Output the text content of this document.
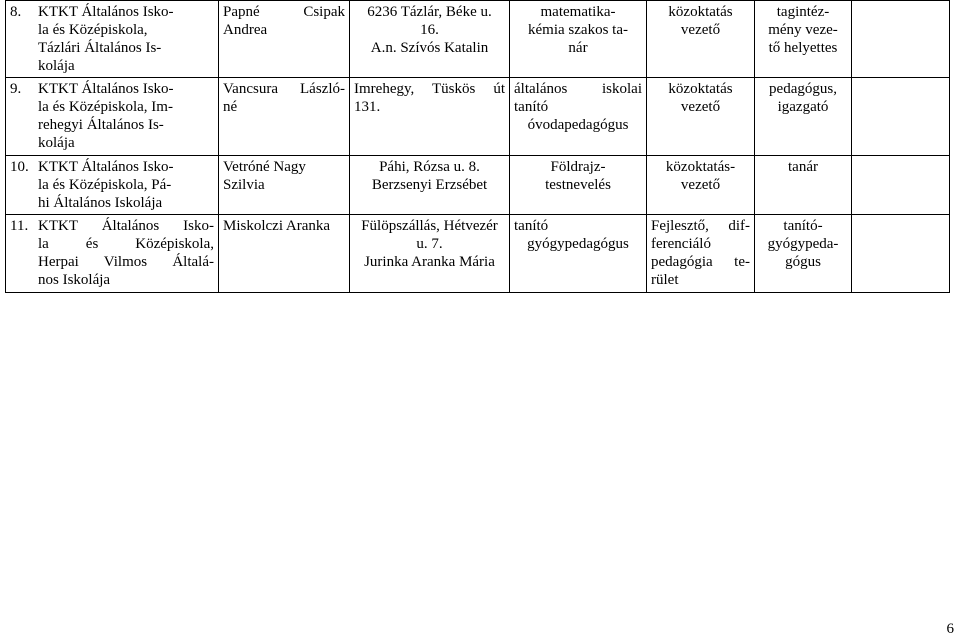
8. KTKT Általános Isko-
la és Középiskola,
Tázlári Általános Is-
kolája	Papné Csipak
Andrea	6236 Tázlár, Béke u.
16.
A.n. Szívós Katalin	matematika-
kémia szakos ta-
nár	közoktatás
vezető	tagintéz-
mény veze-
tő helyettes	

9. KTKT Általános Isko-
la és Középiskola, Im-
rehegyi Általános Is-
kolája	Vancsura László-
né	Imrehegy, Tüskös út
131.	általános iskolai
tanító
óvodapedagógus	közoktatás
vezető	pedagógus,
igazgató	

10. KTKT Általános Isko-
la és Középiskola, Pá-
hi Általános Iskolája	Vetróné Nagy
Szilvia	Páhi, Rózsa u. 8.
Berzsenyi Erzsébet	Földrajz-
testnevelés	közoktatás-
vezető	tanár	

11. KTKT Általános Isko-
la és Középiskola,
Herpai Vilmos Általá-
nos Iskolája	Miskolczi Aranka	Fülöpszállás, Hétvezér
u. 7.
Jurinka Aranka Mária	tanító
gyógypedagógus	Fejlesztő, dif-
ferenciáló
pedagógia te-
rület	tanító-
gyógypeda-
gógus	

6
